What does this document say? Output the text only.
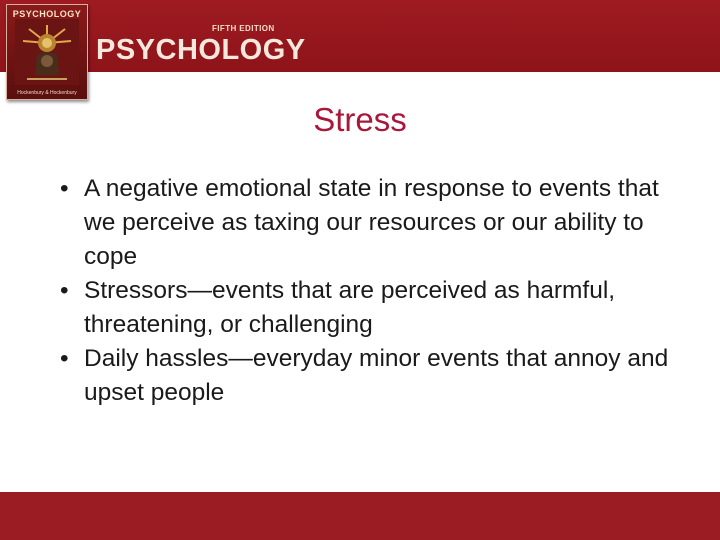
PSYCHOLOGY
Hockenbury & Hockenbury
FIFTH EDITION
PSYCHOLOGY
Stress
• A negative emotional state in response to events that we perceive as taxing our resources or our ability to cope
• Stressors—events that are perceived as harmful, threatening, or challenging
• Daily hassles—everyday minor events that annoy and upset people
